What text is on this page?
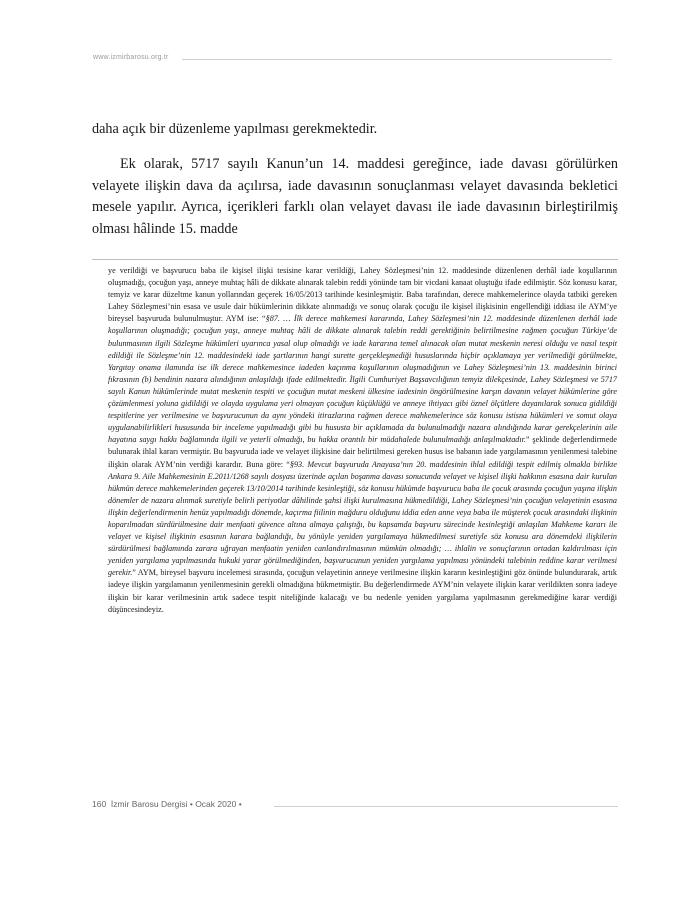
www.izmirbarosu.org.tr
daha açık bir düzenleme yapılması gerekmektedir.
Ek olarak, 5717 sayılı Kanun’un 14. maddesi gereğince, iade davası görülürken velayete ilişkin dava da açılırsa, iade davasının sonuçlanması velayet davasında bekletici mesele yapılır. Ayrıca, içerikleri farklı olan velayet davası ile iade davasının birleştirilmiş olması hâlinde 15. madde
ye verildiği ve başvurucu baba ile kişisel ilişki tesisine karar verildiği, Lahey Sözleşmesi’nin 12. maddesinde düzenlenen derhâl iade koşullarının oluşmadığı, çocuğun yaşı, anneye muhtaç hâli de dikkate alınarak talebin reddi yönünde tam bir vicdani kanaat oluştuğu ifade edilmiştir. Söz konusu karar, temyiz ve karar düzeltme kanun yollarından geçerek 16/05/2013 tarihinde kesinleşmiştir. Baba tarafından, derece mahkemelerince olayda tatbiki gereken Lahey Sözleşmesi’nin esasa ve usule dair hükümlerinin dikkate alınmadığı ve sonuç olarak çocuğu ile kişisel ilişkisinin engellendiği iddiası ile AYM’ye bireysel başvuruda bulunulmuştur. AYM ise: “§87. … İlk derece mahkemesi kararında, Lahey Sözleşmesi’nin 12. maddesinde düzenlenen derhâl iade koşullarının oluşmadığı; çocuğun yaşı, anneye muhtaç hâli de dikkate alınarak talebin reddi gerektiğinin belirtilmesine rağmen çocuğun Türkiye’de bulunmasının ilgili Sözleşme hükümleri uyarınca yasal olup olmadığı ve iade kararına temel alınacak olan mutat meskenin neresi olduğu ve nasıl tespit edildiği ile Sözleşme’nin 12. maddesindeki iade şartlarının hangi surette gerçekleşmediği hususlarında hiçbir açıklamaya yer verilmediği görülmekte, Yargıtay onama ilamında ise ilk derece mahkemesince iadeden kaçınma koşullarının oluşmadığının ve Lahey Sözleşmesi’nin 13. maddesinin birinci fıkrasının (b) bendinin nazara alındığının anlaşıldığı ifade edilmektedir. İlgili Cumhuriyet Başsavcılığının temyiz dilekçesinde, Lahey Sözleşmesi ve 5717 sayılı Kanun hükümlerinde mutat meskenin tespiti ve çocuğun mutat meskeni ülkesine iadesinin öngörülmesine karşın davanın velayet hükümlerine göre çözümlenmesi yoluna gidildiği ve olayda uygulama yeri olmayan çocuğun küçüklüğü ve anneye ihtiyacı gibi öznel ölçütlere dayanılarak sonuca gidildiği tespitlerine yer verilmesine ve başvurucunun da aynı yöndeki itirazlarına rağmen derece mahkemelerince söz konusu istisna hükümleri ve somut olaya uygulanabilirlikleri hususunda bir inceleme yapılmadığı gibi bu hususta bir açıklamada da bulunulmadığı nazara alındığında karar gerekçelerinin aile hayatına saygı hakkı bağlamında ilgili ve yeterli olmadığı, bu hakka orantılı bir müdahalede bulunulmadığı anlaşılmaktadır.” şeklinde değerlendirmede bulunarak ihlal kararı vermiştir. Bu başvuruda iade ve velayet ilişkisine dair belirtilmesi gereken husus ise babanın iade yargılamasının yenilenmesi talebine ilişkin olarak AYM’nin verdiği karardır. Buna göre: “§93. Mevcut başvuruda Anayasa’nın 20. maddesinin ihlal edildiği tespit edilmiş olmakla birlikte Ankara 9. Aile Mahkemesinin E.2011/1268 sayılı dosyası üzerinde açılan boşanma davası sonucunda velayet ve kişisel ilişki hakkının esasına dair kurulan hükmün derece mahkemelerinden geçerek 13/10/2014 tarihinde kesinleştiği, söz konusu hükümde başvurucu baba ile çocuk arasında çocuğun yaşına ilişkin dönemler de nazara alınmak suretiyle belirli periyotlar dâhilinde şahsi ilişki kurulmasına hükmedildiği, Lahey Sözleşmesi’nin çocuğun velayetinin esasına ilişkin değerlendirmenin henüz yapılmadığı dönemde, kaçırma fiilinin mağduru olduğunu iddia eden anne veya baba ile müşterek çocuk arasındaki ilişkinin koparılmadan sürdürülmesine dair menfaati güvence altına almaya çalıştığı, bu kapsamda başvuru sürecinde kesinleştiği anlaşılan Mahkeme kararı ile velayet ve kişisel ilişkinin esasının karara bağlandığı, bu yönüyle yeniden yargılamaya hükmedilmesi suretiyle söz konusu ara dönemdeki ilişkilerin sürdürülmesi bağlamında zarara uğrayan menfaatin yeniden canlandırılmasının mümkün olmadığı; … ihlalin ve sonuçlarının ortadan kaldırılması için yeniden yargılama yapılmasında hukuki yarar görülmediğinden, başvurucunun yeniden yargılama yapılması yönündeki talebinin reddine karar verilmesi gerekir.” AYM, bireysel başvuru incelemesi sırasında, çocuğun velayetinin anneye verilmesine ilişkin kararın kesinleştiğini göz önünde bulundurarak, artık iadeye ilişkin yargılamanın yenilenmesinin gerekli olmadığına hükmetmiştir. Bu değerlendirmede AYM’nin velayete ilişkin karar verildikten sonra iadeye ilişkin bir karar verilmesinin artık sadece tespit niteliğinde kalacağı ve bu nedenle yeniden yargılama yapılmasının gerekmediğine karar verdiği düşüncesindeyiz.
160 İzmir Barosu Dergisi • Ocak 2020 •
